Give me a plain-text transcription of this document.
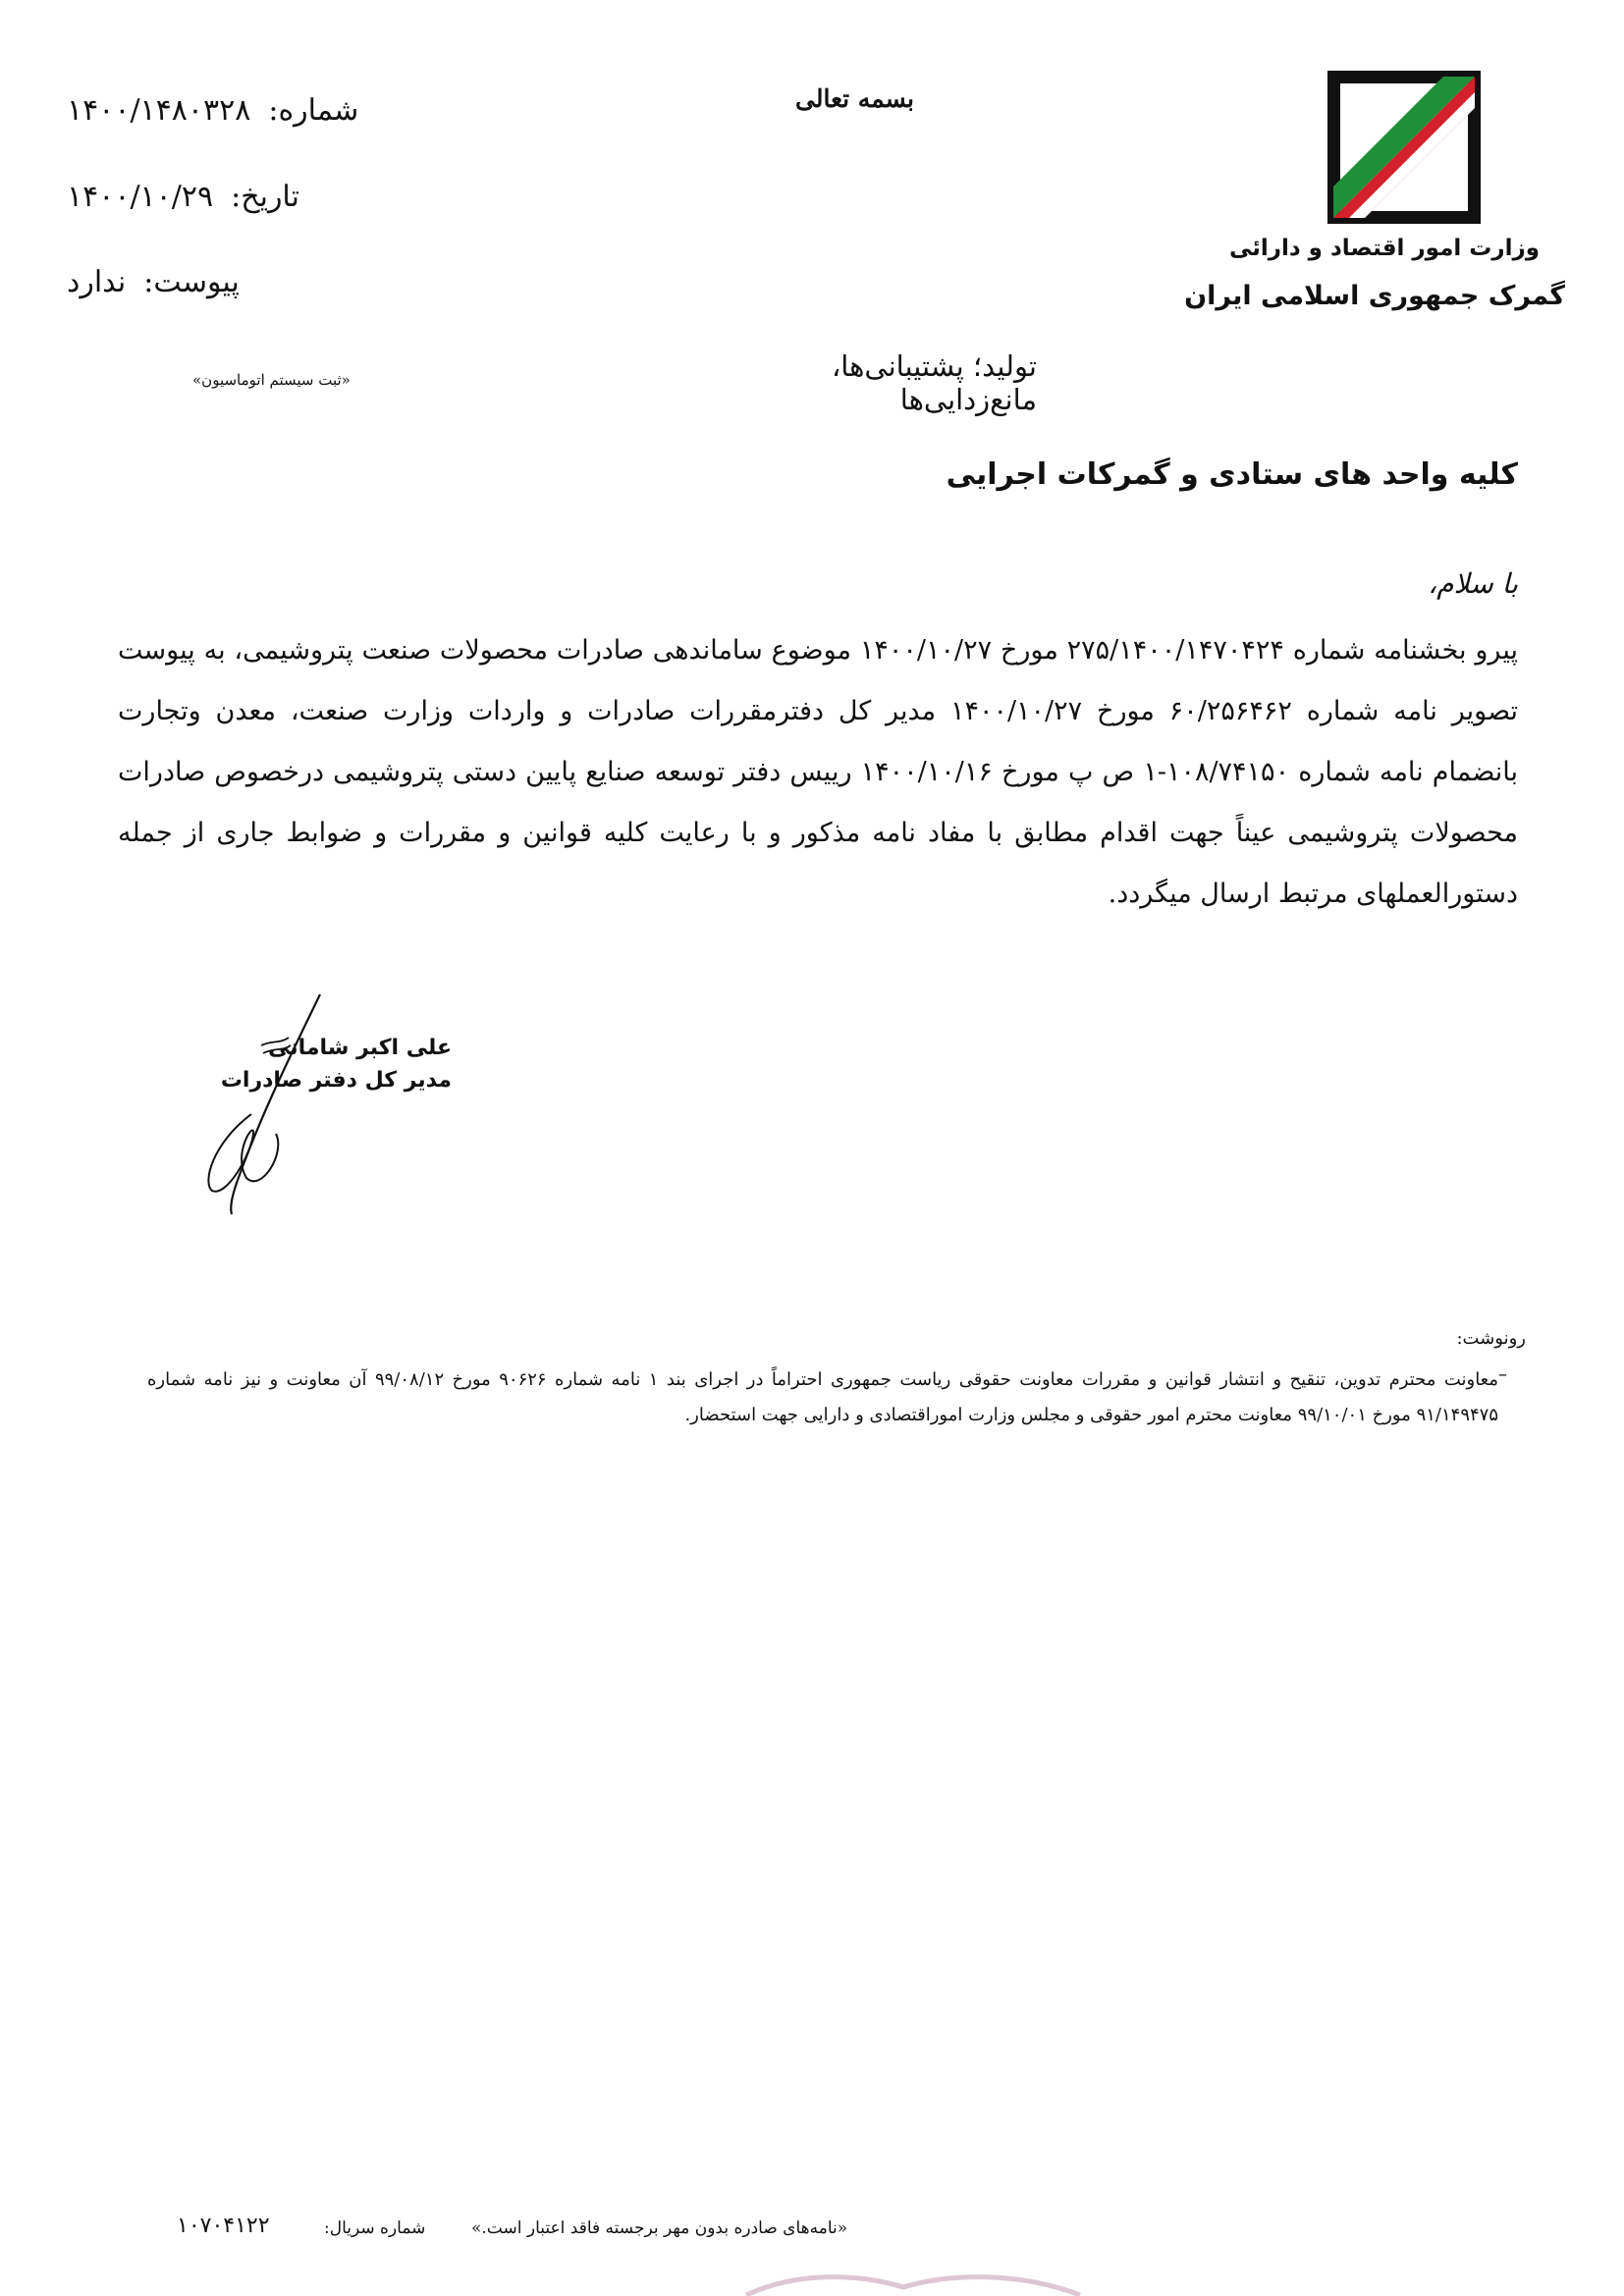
وزارت امور اقتصاد و دارائی
گمرک جمهوری اسلامی ایران
بسمه تعالی
شماره:
۱۴۰۰/۱۴۸۰۳۲۸
تاریخ:
۱۴۰۰/۱۰/۲۹
پیوست:
ندارد
«ثبت سیستم اتوماسیون»	تولید؛ پشتیبانی‌ها، مانع‌زدایی‌ها
کلیه واحد های ستادی و گمرکات اجرایی
با سلام،
پیرو بخشنامه شماره ۲۷۵/۱۴۰۰/۱۴۷۰۴۲۴ مورخ ۱۴۰۰/۱۰/۲۷ موضوع ساماندهی صادرات محصولات صنعت پتروشیمی، به پیوست تصویر نامه شماره ۶۰/۲۵۶۴۶۲ مورخ ۱۴۰۰/۱۰/۲۷ مدیر کل دفترمقررات صادرات و واردات وزارت صنعت، معدن وتجارت بانضمام نامه شماره ۱۰۸/۷۴۱۵۰-۱ ص پ مورخ ۱۴۰۰/۱۰/۱۶ رییس دفتر توسعه صنایع پایین دستی پتروشیمی درخصوص صادرات محصولات پتروشیمی عیناً جهت اقدام مطابق با مفاد نامه مذکور و با رعایت کلیه قوانین و مقررات و ضوابط جاری از جمله دستورالعملهای مرتبط ارسال میگردد.
علی اکبر شامانی
مدیر کل دفتر صادرات
رونوشت:
–
معاونت محترم تدوین، تنقیح و انتشار قوانین و مقررات معاونت حقوقی ریاست جمهوری احتراماً در اجرای بند ۱ نامه شماره ۹۰۶۲۶ مورخ ۹۹/۰۸/۱۲ آن معاونت و نیز نامه شماره ۹۱/۱۴۹۴۷۵ مورخ ۹۹/۱۰/۰۱ معاونت محترم امور حقوقی و مجلس وزارت اموراقتصادی و دارایی جهت استحضار.
۱۰۷۰۴۱۲۲	شماره سریال:	«نامه‌های صادره بدون مهر برجسته فاقد اعتبار است.»
